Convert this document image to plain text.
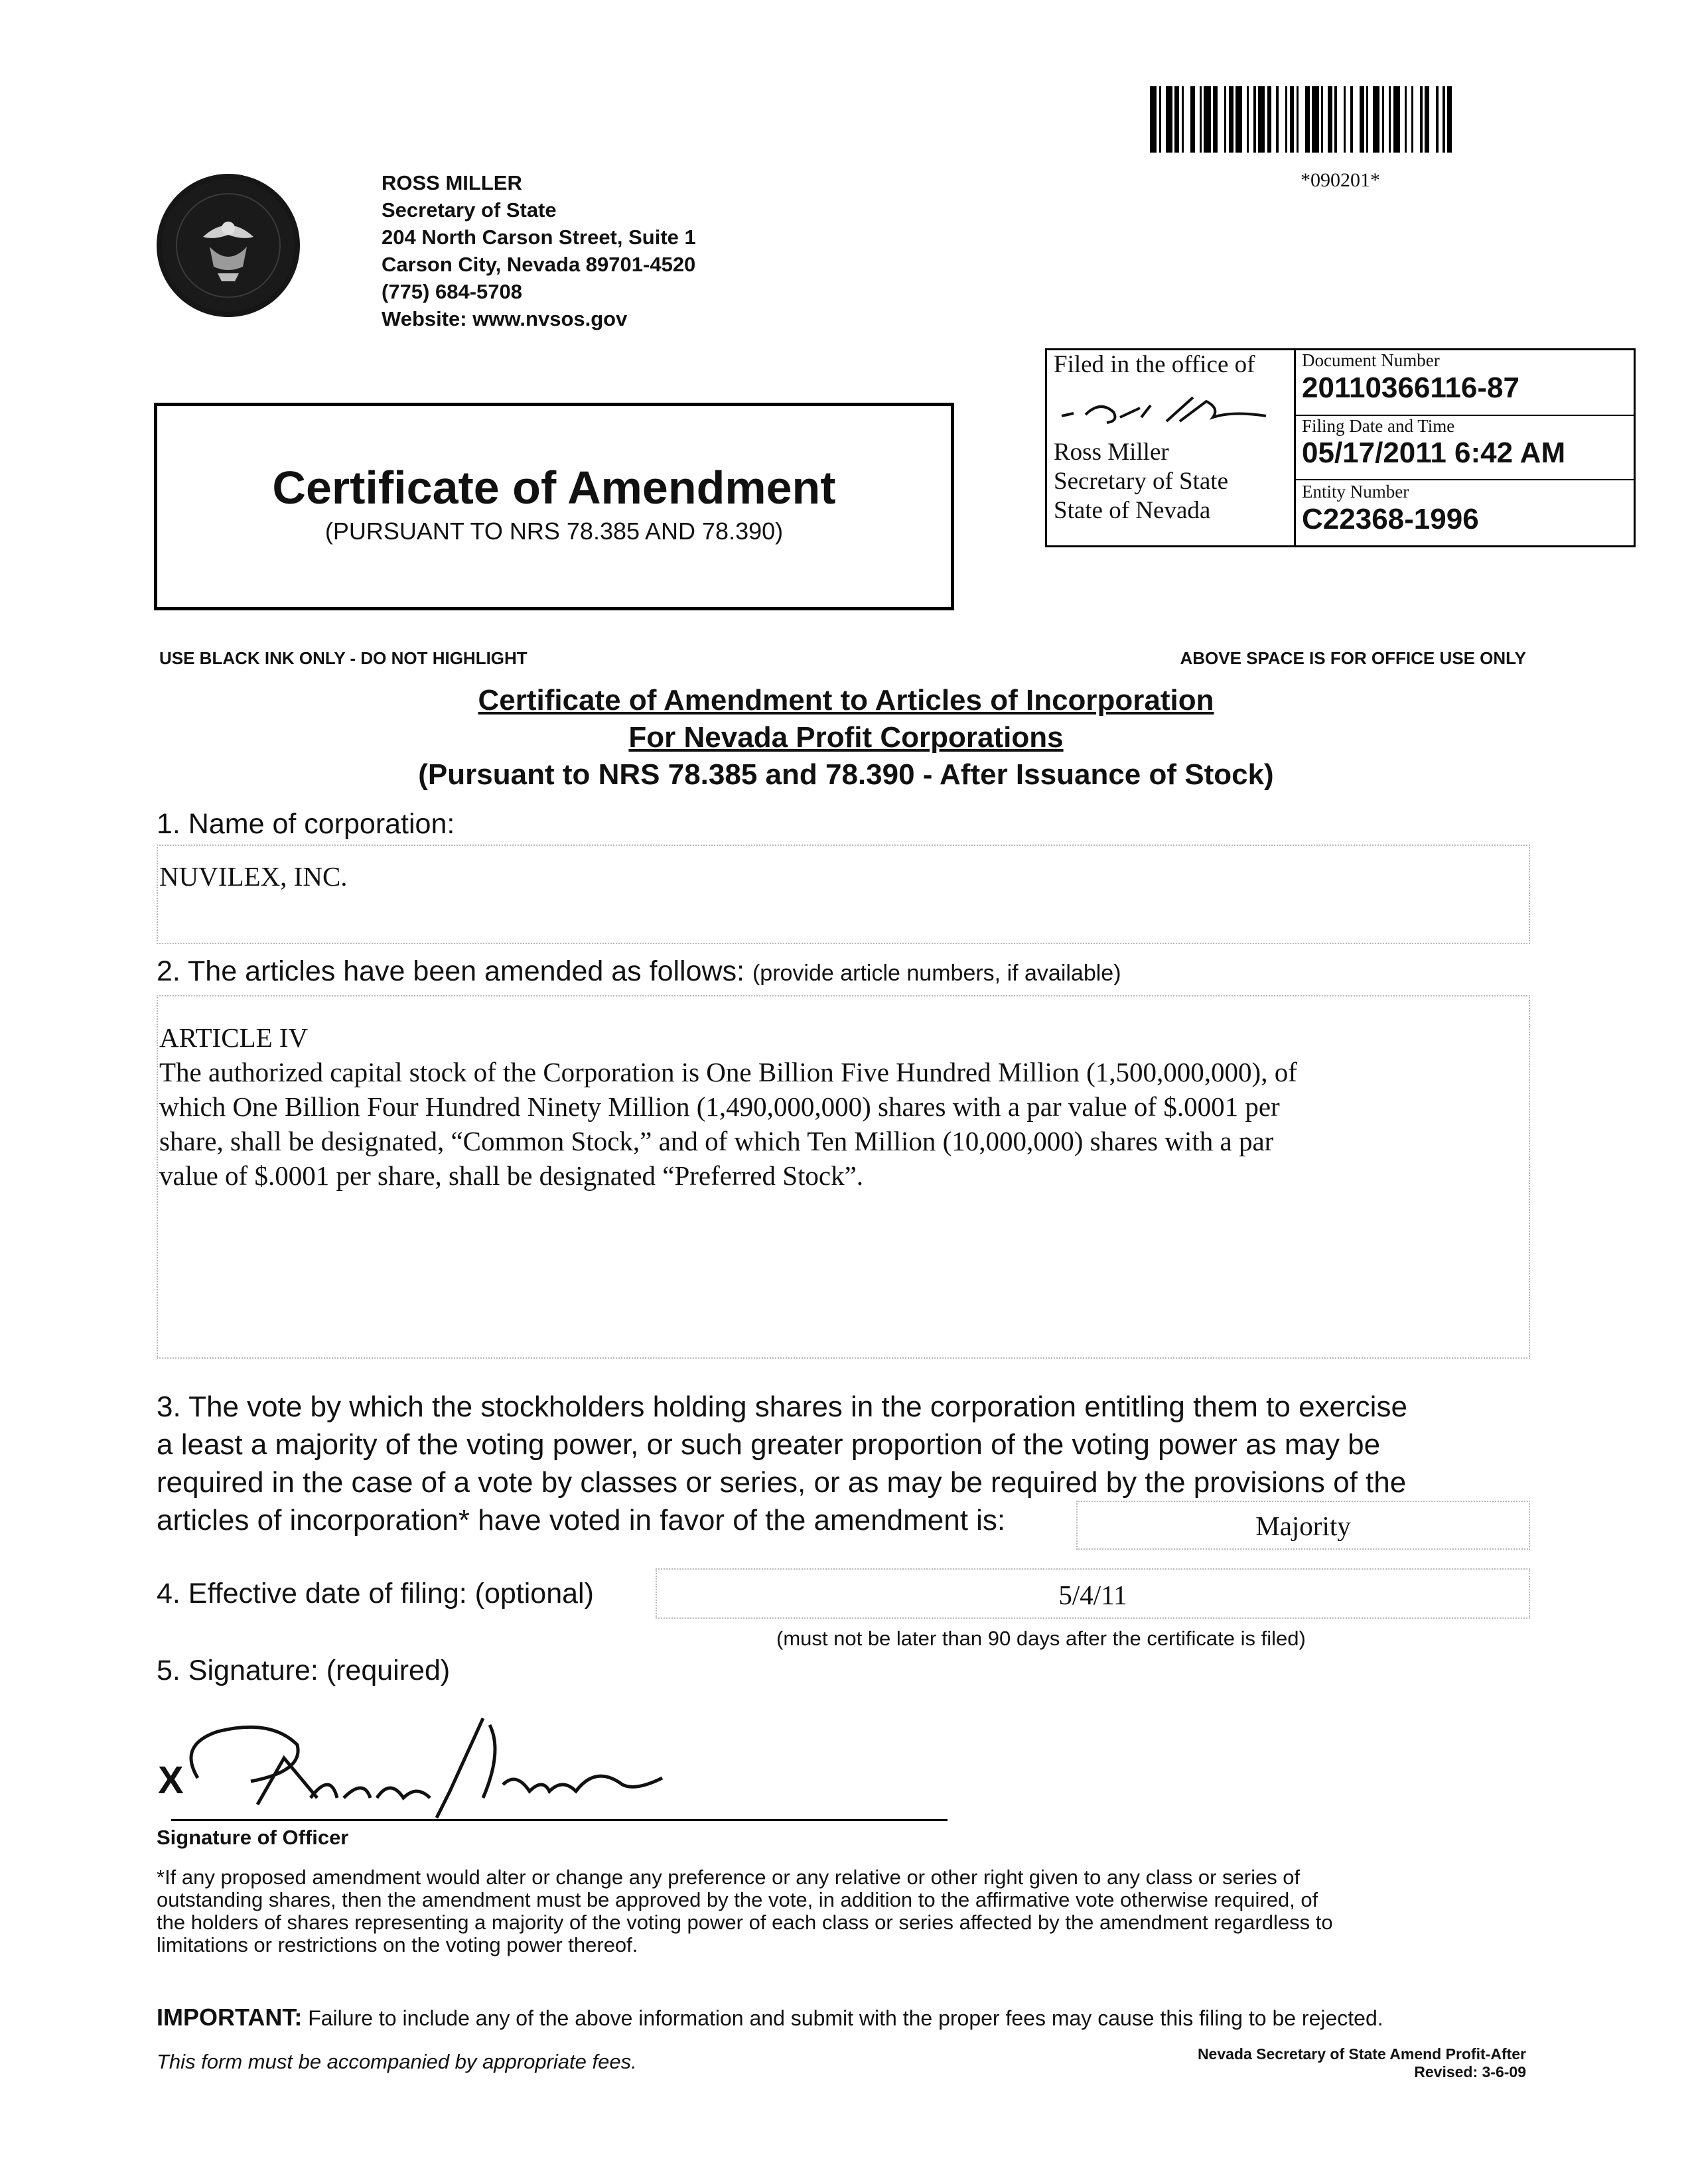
*090201*
ROSS MILLER
Secretary of State
204 North Carson Street, Suite 1
Carson City, Nevada 89701-4520
(775) 684-5708
Website: www.nvsos.gov
Filed in the office of
Ross Miller
Secretary of State
State of Nevada
Document Number
20110366116-87
Filing Date and Time
05/17/2011 6:42 AM
Entity Number
C22368-1996
Certificate of Amendment
(PURSUANT TO NRS 78.385 AND 78.390)
USE BLACK INK ONLY - DO NOT HIGHLIGHT	ABOVE SPACE IS FOR OFFICE USE ONLY
Certificate of Amendment to Articles of Incorporation
For Nevada Profit Corporations
(Pursuant to NRS 78.385 and 78.390 - After Issuance of Stock)
1. Name of corporation:
NUVILEX, INC.
2. The articles have been amended as follows: (provide article numbers, if available)
ARTICLE IV
The authorized capital stock of the Corporation is One Billion Five Hundred Million (1,500,000,000), of
which One Billion Four Hundred Ninety Million (1,490,000,000) shares with a par value of $.0001 per
share, shall be designated, “Common Stock,” and of which Ten Million (10,000,000) shares with a par
value of $.0001 per share, shall be designated “Preferred Stock”.
3. The vote by which the stockholders holding shares in the corporation entitling them to exercise
a least a majority of the voting power, or such greater proportion of the voting power as may be
required in the case of a vote by classes or series, or as may be required by the provisions of the
articles of incorporation* have voted in favor of the amendment is:	Majority
4. Effective date of filing: (optional)	5/4/11
(must not be later than 90 days after the certificate is filed)
5. Signature: (required)
X
Signature of Officer
*If any proposed amendment would alter or change any preference or any relative or other right given to any class or series of
outstanding shares, then the amendment must be approved by the vote, in addition to the affirmative vote otherwise required, of
the holders of shares representing a majority of the voting power of each class or series affected by the amendment regardless to
limitations or restrictions on the voting power thereof.
IMPORTANT: Failure to include any of the above information and submit with the proper fees may cause this filing to be rejected.
This form must be accompanied by appropriate fees.	Nevada Secretary of State Amend Profit-After
Revised: 3-6-09
